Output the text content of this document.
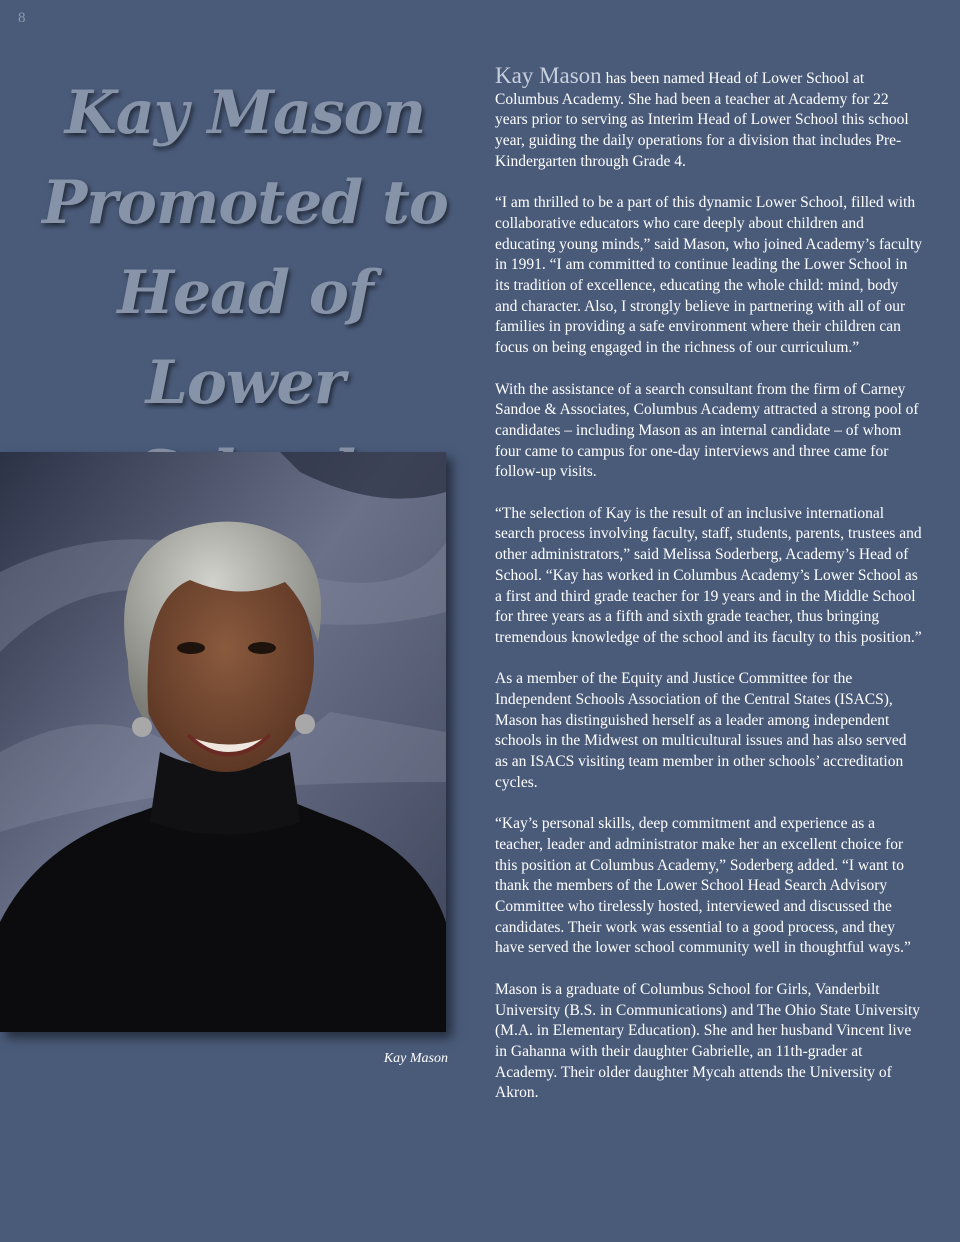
8
Kay Mason Promoted to Head of Lower
Kay Mason

Kay Mason has been named Head of Lower School at Columbus Academy. She had been a teacher at Academy for 22 years prior to serving as Interim Head of Lower School this school year, guiding the daily operations for a division that includes Pre-Kindergarten through Grade 4.

“I am thrilled to be a part of this dynamic Lower School, filled with collaborative educators who care deeply about children and educating young minds,” said Mason, who joined Academy’s faculty in 1991. “I am committed to continue leading the Lower School in its tradition of excellence, educating the whole child: mind, body and character. Also, I strongly believe in partnering with all of our families in providing a safe environment where their children can focus on being engaged in the richness of our curriculum.”

With the assistance of a search consultant from the firm of Carney Sandoe & Associates, Columbus Academy attracted a strong pool of candidates – including Mason as an internal candidate – of whom four came to campus for one-day interviews and three came for follow-up visits.

“The selection of Kay is the result of an inclusive international search process involving faculty, staff, students, parents, trustees and other administrators,” said Melissa Soderberg, Academy’s Head of School. “Kay has worked in Columbus Academy’s Lower School as a first and third grade teacher for 19 years and in the Middle School for three years as a fifth and sixth grade teacher, thus bringing tremendous knowledge of the school and its faculty to this position.”

As a member of the Equity and Justice Committee for the Independent Schools Association of the Central States (ISACS), Mason has distinguished herself as a leader among independent schools in the Midwest on multicultural issues and has also served as an ISACS visiting team member in other schools’ accreditation cycles.

“Kay’s personal skills, deep commitment and experience as a teacher, leader and administrator make her an excellent choice for this position at Columbus Academy,” Soderberg added. “I want to thank the members of the Lower School Head Search Advisory Committee who tirelessly hosted, interviewed and discussed the candidates. Their work was essential to a good process, and they have served the lower school community well in thoughtful ways.”

Mason is a graduate of Columbus School for Girls, Vanderbilt University (B.S. in Communications) and The Ohio State University (M.A. in Elementary Education). She and her husband Vincent live in Gahanna with their daughter Gabrielle, an 11th-grader at Academy. Their older daughter Mycah attends the University of Akron.
